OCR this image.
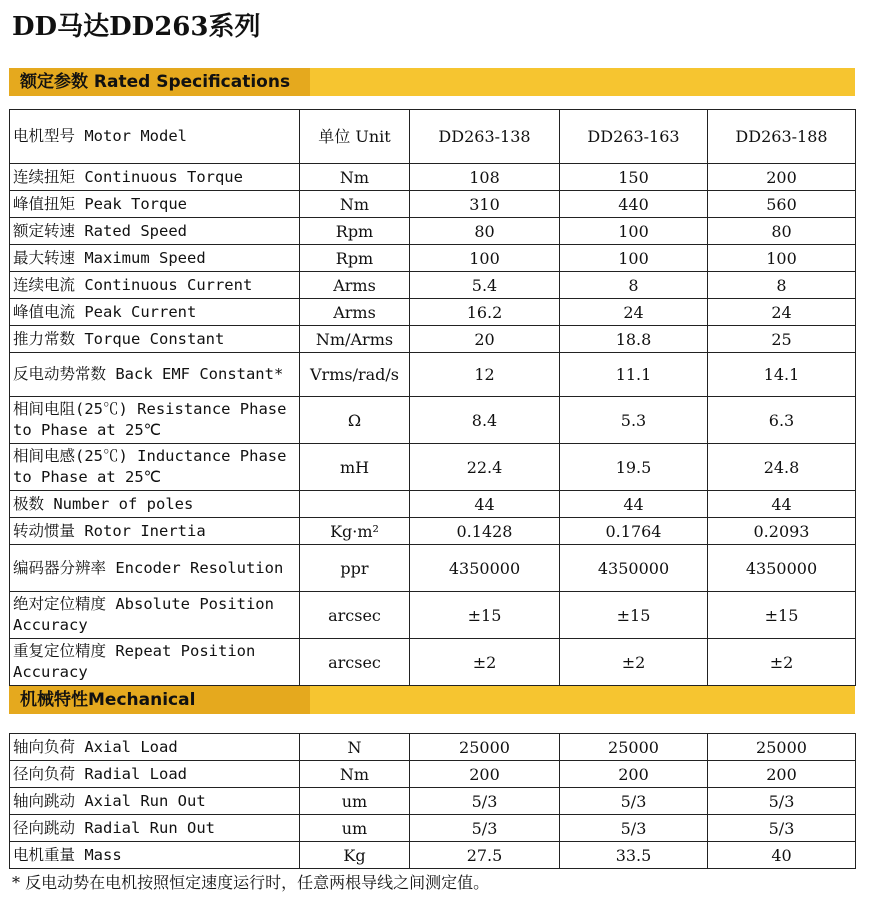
DD马达DD263系列
额定参数 Rated Specifications
电机型号 Motor Model	单位 Unit	DD263-138	DD263-163	DD263-188
连续扭矩 Continuous Torque	Nm	108	150	200
峰值扭矩 Peak Torque	Nm	310	440	560
额定转速 Rated Speed	Rpm	80	100	80
最大转速 Maximum Speed	Rpm	100	100	100
连续电流 Continuous Current	Arms	5.4	8	8
峰值电流 Peak Current	Arms	16.2	24	24
推力常数 Torque Constant	Nm/Arms	20	18.8	25
反电动势常数 Back EMF Constant*	Vrms/rad/s	12	11.1	14.1
相间电阻(25℃) Resistance Phase to Phase at 25℃	Ω	8.4	5.3	6.3
相间电感(25℃) Inductance Phase to Phase at 25℃	mH	22.4	19.5	24.8
极数 Number of poles		44	44	44
转动惯量 Rotor Inertia	Kg·m²	0.1428	0.1764	0.2093
编码器分辨率 Encoder Resolution	ppr	4350000	4350000	4350000
绝对定位精度 Absolute Position Accuracy	arcsec	±15	±15	±15
重复定位精度 Repeat Position Accuracy	arcsec	±2	±2	±2
机械特性Mechanical
轴向负荷 Axial Load	N	25000	25000	25000
径向负荷 Radial Load	Nm	200	200	200
轴向跳动 Axial Run Out	um	5/3	5/3	5/3
径向跳动 Radial Run Out	um	5/3	5/3	5/3
电机重量 Mass	Kg	27.5	33.5	40
* 反电动势在电机按照恒定速度运行时，任意两根导线之间测定值。
